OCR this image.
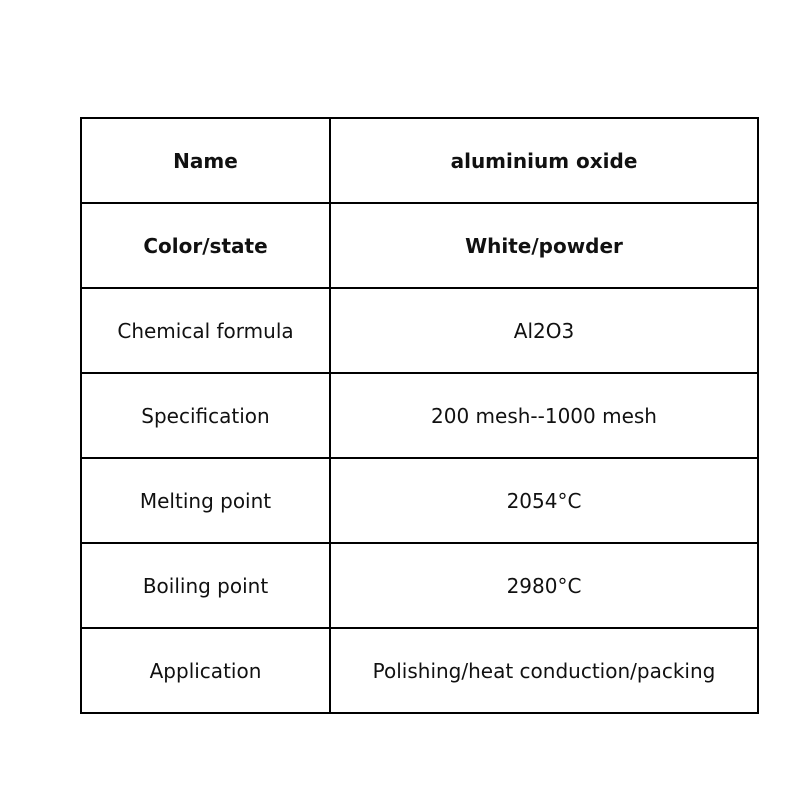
Name	aluminium oxide
Color/state	White/powder
Chemical formula	Al2O3
Specification	200 mesh--1000 mesh
Melting point	2054°C
Boiling point	2980°C
Application	Polishing/heat conduction/packing
